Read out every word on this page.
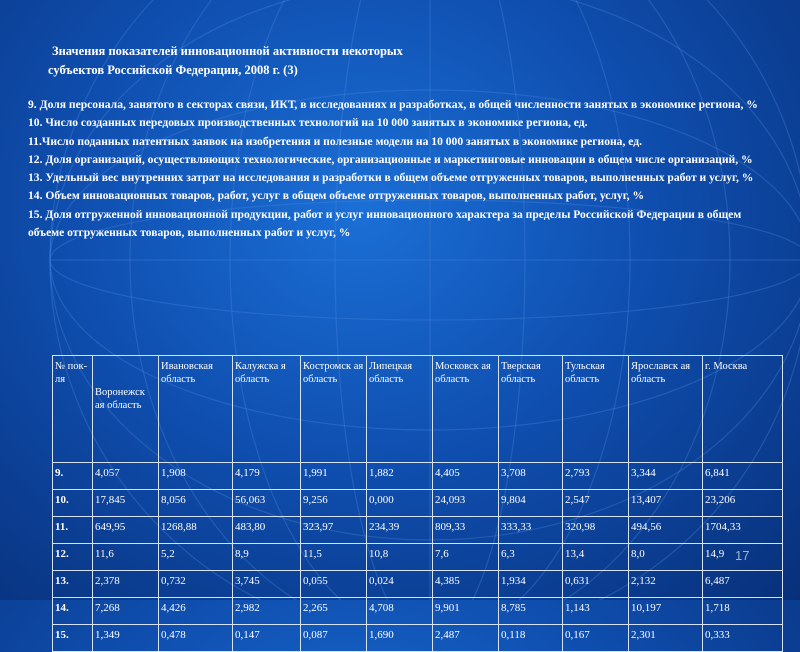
Значения показателей инновационной активности некоторых
субъектов Российской Федерации, 2008 г. (3)
9. Доля персонала, занятого в секторах связи, ИКТ, в исследованиях и разработках, в общей численности занятых в экономике региона, %
10. Число созданных передовых производственных технологий на 10 000 занятых в экономике региона, ед.
11.Число поданных патентных заявок на изобретения и полезные модели на 10 000 занятых в экономике региона, ед.
12. Доля организаций, осуществляющих технологические, организационные и маркетинговые инновации в общем числе организаций, %
13. Удельный вес внутренних затрат на исследования и разработки в общем объеме отгруженных товаров, выполненных работ и услуг, %
14. Объем инновационных товаров, работ, услуг в общем объеме отгруженных товаров, выполненных работ, услуг, %
15. Доля отгруженной инновационной продукции, работ и услуг инновационного характера за пределы Российской Федерации в общем объеме отгруженных товаров, выполненных работ и услуг, %
№ пок-ля	Воронежск ая область	Ивановская область	Калужска я область	Костромск ая область	Липецкая область	Московск ая область	Тверская область	Тульская область	Ярославск ая область	г. Москва
9.	4,057	1,908	4,179	1,991	1,882	4,405	3,708	2,793	3,344	6,841
10.	17,845	8,056	56,063	9,256	0,000	24,093	9,804	2,547	13,407	23,206
11.	649,95	1268,88	483,80	323,97	234,39	809,33	333,33	320,98	494,56	1704,33
12.	11,6	5,2	8,9	11,5	10,8	7,6	6,3	13,4	8,0	14,9
13.	2,378	0,732	3,745	0,055	0,024	4,385	1,934	0,631	2,132	6,487
14.	7,268	4,426	2,982	2,265	4,708	9,901	8,785	1,143	10,197	1,718
15.	1,349	0,478	0,147	0,087	1,690	2,487	0,118	0,167	2,301	0,333
17
